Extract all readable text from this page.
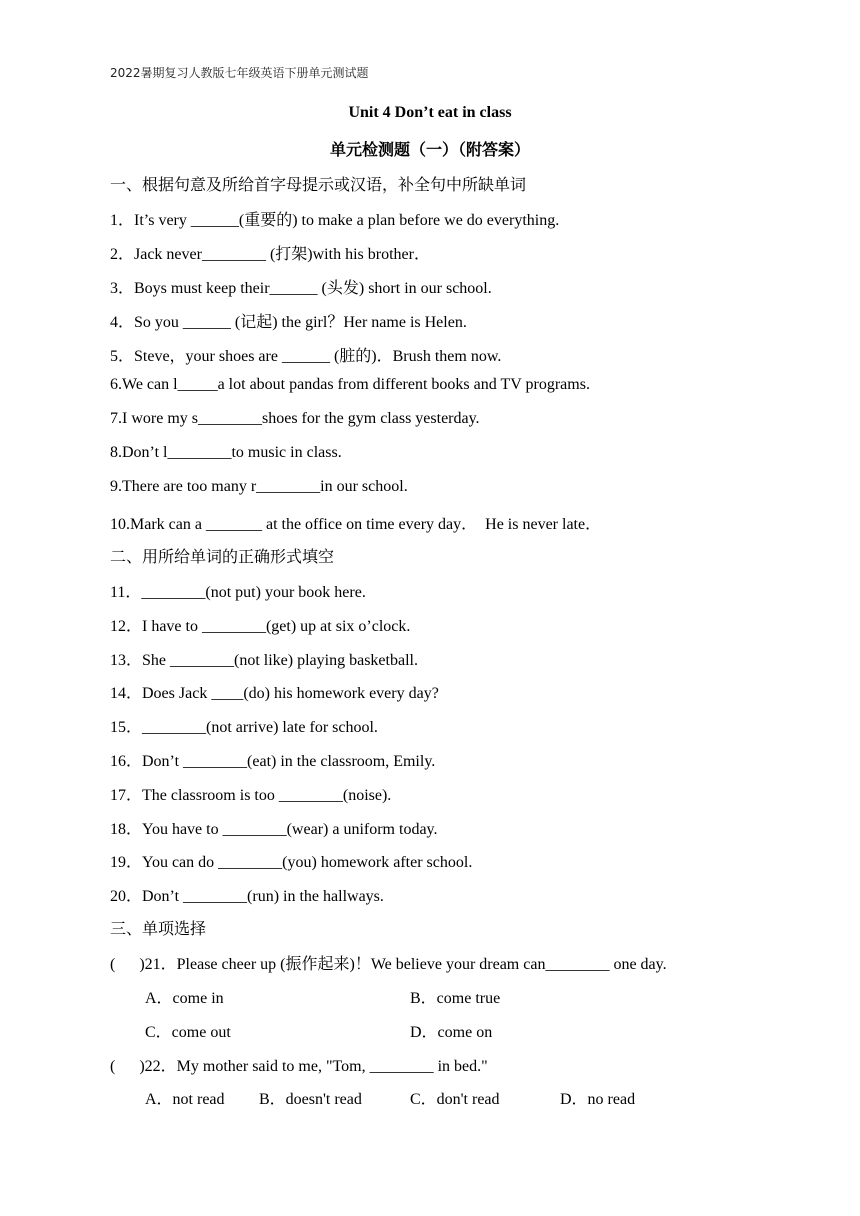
2022暑期复习人教版七年级英语下册单元测试题
Unit 4 Don’t eat in class
单元检测题（一）（附答案）
一、根据句意及所给首字母提示或汉语，补全句中所缺单词
1．It’s very ______(重要的) to make a plan before we do everything.
2．Jack never________ (打架)with his brother．
3．Boys must keep their______ (头发) short in our school.
4．So you ______ (记起) the girl？Her name is Helen.
5．Steve，your shoes are ______ (脏的)．Brush them now.
6.We can l_____a lot about pandas from different books and TV programs.
7.I wore my s________shoes for the gym class yesterday.
8.Don’t l________to music in class.
9.There are too many r________in our school.
10.Mark can a _______ at the office on time every day．  He is never late．
二、用所给单词的正确形式填空
11．________(not put) your book here.
12．I have to ________(get) up at six o’clock.
13．She ________(not like) playing basketball.
14．Does Jack ____(do) his homework every day?
15．________(not arrive) late for school.
16．Don’t ________(eat) in the classroom, Emily.
17．The classroom is too ________(noise).
18．You have to ________(wear) a uniform today.
19．You can do ________(you) homework after school.
20．Don’t ________(run) in the hallways.
三、单项选择
(      )21．Please cheer up (振作起来)！We believe your dream can________ one day.
A．come in	B．come true
C．come out	D．come on
(      )22．My mother said to me, "Tom, ________ in bed."
A．not read B．doesn't read	C．don't read	D．no read
